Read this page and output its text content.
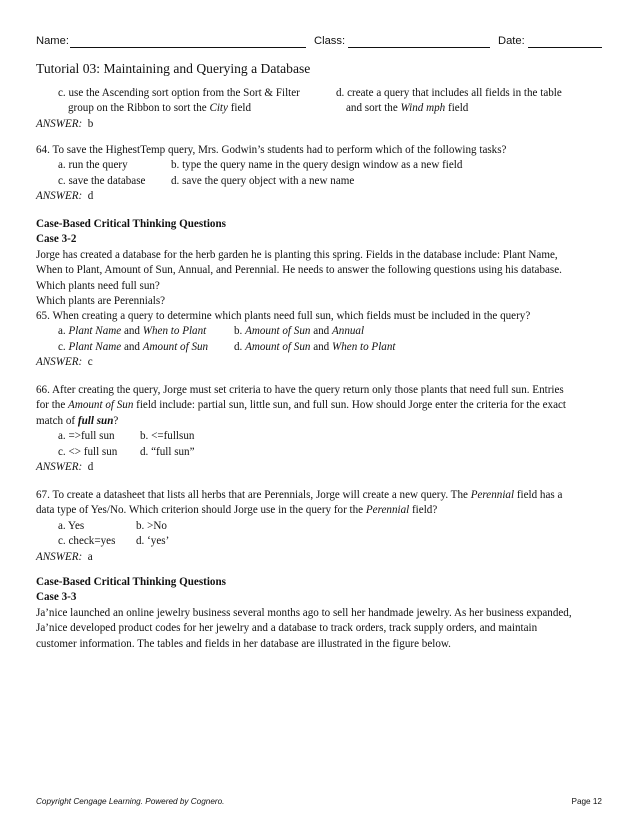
Name:	Class:	Date:
Tutorial 03: Maintaining and Querying a Database
c. use the Ascending sort option from the Sort & Filter	d. create a query that includes all fields in the table
group on the Ribbon to sort the City field	and sort the Wind mph field
ANSWER: b
64. To save the HighestTemp query, Mrs. Godwin’s students had to perform which of the following tasks?
a. run the query	b. type the query name in the query design window as a new field
c. save the database d. save the query object with a new name
ANSWER: d
Case-Based Critical Thinking Questions
Case 3-2
Jorge has created a database for the herb garden he is planting this spring. Fields in the database include: Plant Name,
When to Plant, Amount of Sun, Annual, and Perennial. He needs to answer the following questions using his database.
Which plants need full sun?
Which plants are Perennials?
65. When creating a query to determine which plants need full sun, which fields must be included in the query?
a. Plant Name and When to Plant	b. Amount of Sun and Annual
c. Plant Name and Amount of Sun d. Amount of Sun and When to Plant
ANSWER: c
66. After creating the query, Jorge must set criteria to have the query return only those plants that need full sun. Entries
for the Amount of Sun field include: partial sun, little sun, and full sun. How should Jorge enter the criteria for the exact
match of full sun?
a. =>full sun b. <=fullsun
c. <> full sun d. “full sun”
ANSWER: d
67. To create a datasheet that lists all herbs that are Perennials, Jorge will create a new query. The Perennial field has a
data type of Yes/No. Which criterion should Jorge use in the query for the Perennial field?
a. Yes	b. >No
c. check=yes d. ‘yes’
ANSWER: a
Case-Based Critical Thinking Questions
Case 3-3
Ja’nice launched an online jewelry business several months ago to sell her handmade jewelry. As her business expanded,
Ja’nice developed product codes for her jewelry and a database to track orders, track supply orders, and maintain
customer information. The tables and fields in her database are illustrated in the figure below.
Copyright Cengage Learning. Powered by Cognero.	Page 12
